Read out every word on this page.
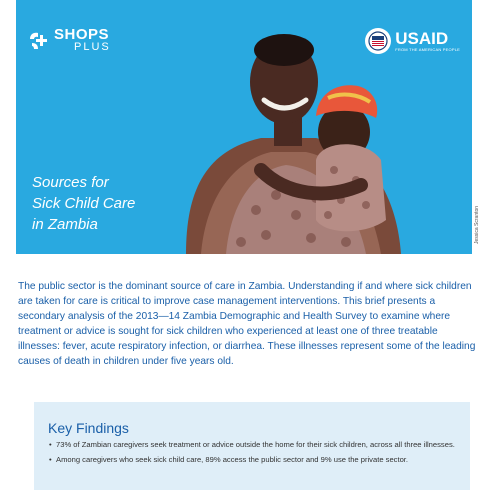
SHOPS
PLUS	USAID
FROM THE AMERICAN PEOPLE
Sources for
Sick Child Care
in Zambia	Jessica Scranton

The public sector is the dominant source of care in Zambia. Understanding if and where sick children are taken for care is critical to improve case management interventions. This brief presents a secondary analysis of the 2013—14 Zambia Demographic and Health Survey to examine where treatment or advice is sought for sick children who experienced at least one of three treatable illnesses: fever, acute respiratory infection, or diarrhea. These illnesses represent some of the leading causes of death in children under five years old.

Key Findings
• 73% of Zambian caregivers seek treatment or advice outside the home for their sick children, across all three illnesses.
• Among caregivers who seek sick child care, 89% access the public sector and 9% use the private sector.
